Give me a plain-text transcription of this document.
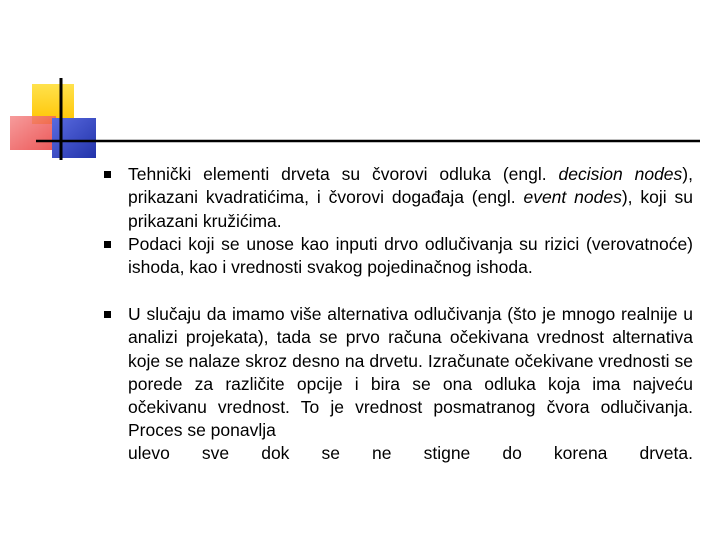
Tehnički elementi drveta su čvorovi odluka (engl. decision nodes), prikazani kvadratićima, i čvorovi događaja (engl. event nodes), koji su prikazani kružićima.

Podaci koji se unose kao inputi drvo odlučivanja su rizici (verovatnoće) ishoda, kao i vrednosti svakog pojedinačnog ishoda.

U slučaju da imamo više alternativa odlučivanja (što je mnogo realnije u analizi projekata), tada se prvo računa očekivana vrednost alternativa koje se nalaze skroz desno na drvetu. Izračunate očekivane vrednosti se porede za različite opcije i bira se ona odluka koja ima najveću očekivanu vrednost. To je vrednost posmatranog čvora odlučivanja. Proces se ponavlja

ulevo sve dok se ne stigne do korena drveta.
